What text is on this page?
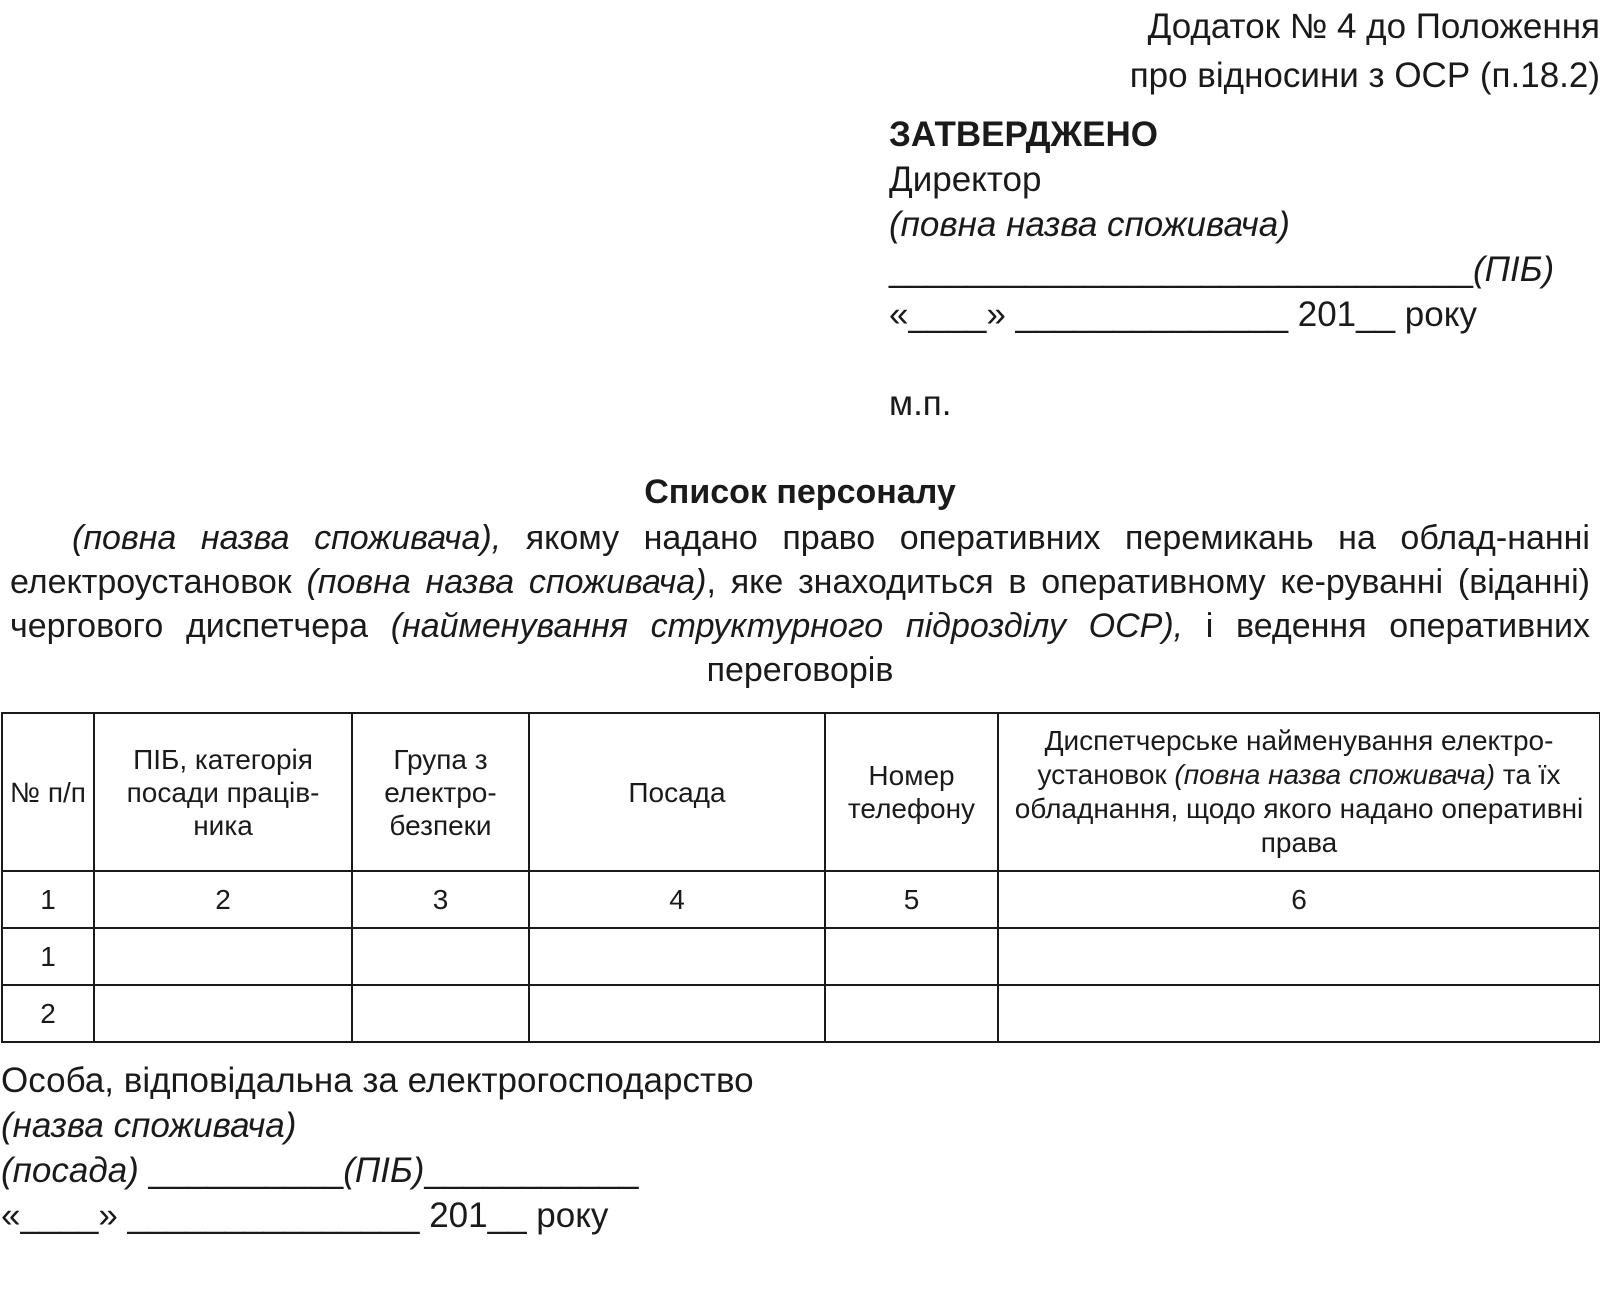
Додаток № 4 до Положення
про відносини з ОСР (п.18.2)
ЗАТВЕРДЖЕНО
Директор
(повна назва споживача)
______________________________(ПІБ)
«____» ______________ 201__ року
м.п.
Список персоналу
(повна назва споживача), якому надано право оперативних перемикань на облад-нанні електроустановок (повна назва споживача), яке знаходиться в оперативному ке-руванні (віданні) чергового диспетчера (найменування структурного підрозділу ОСР), і ведення оперативних переговорів
№ п/п	ПІБ, категорія посади праців-ника	Група з електро-безпеки	Посада	Номер телефону	Диспетчерське найменування електро-установок (повна назва споживача) та їх обладнання, щодо якого надано оперативні права
1	2	3	4	5	6
1					
2					
Особа, відповідальна за електрогосподарство
(назва споживача)
(посада) __________(ПІБ)___________
«____» _______________ 201__ року
